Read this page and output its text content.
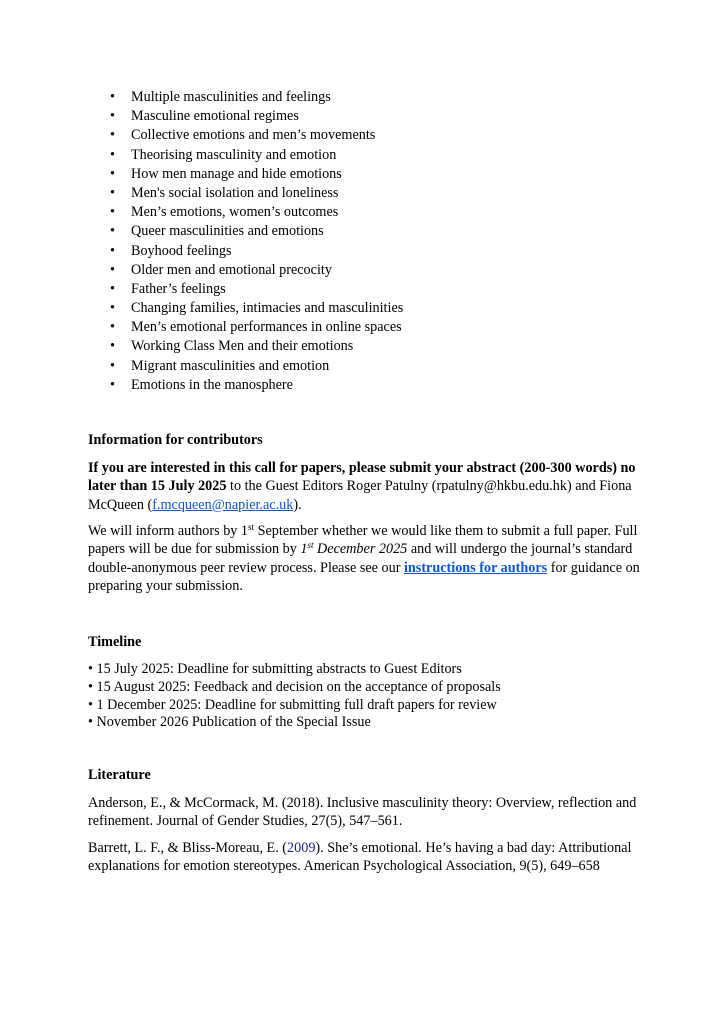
• Multiple masculinities and feelings
• Masculine emotional regimes
• Collective emotions and men’s movements
• Theorising masculinity and emotion
• How men manage and hide emotions
• Men's social isolation and loneliness
• Men’s emotions, women’s outcomes
• Queer masculinities and emotions
• Boyhood feelings
• Older men and emotional precocity
• Father’s feelings
• Changing families, intimacies and masculinities
• Men’s emotional performances in online spaces
• Working Class Men and their emotions
• Migrant masculinities and emotion
• Emotions in the manosphere
Information for contributors
If you are interested in this call for papers, please submit your abstract (200-300 words) no later than 15 July 2025 to the Guest Editors Roger Patulny (rpatulny@hkbu.edu.hk) and Fiona McQueen (f.mcqueen@napier.ac.uk).
We will inform authors by 1st September whether we would like them to submit a full paper. Full papers will be due for submission by 1st December 2025 and will undergo the journal’s standard double-anonymous peer review process. Please see our instructions for authors for guidance on preparing your submission.
Timeline
• 15 July 2025: Deadline for submitting abstracts to Guest Editors
• 15 August 2025: Feedback and decision on the acceptance of proposals
• 1 December 2025: Deadline for submitting full draft papers for review
• November 2026 Publication of the Special Issue
Literature
Anderson, E., & McCormack, M. (2018). Inclusive masculinity theory: Overview, reflection and refinement. Journal of Gender Studies, 27(5), 547–561.
Barrett, L. F., & Bliss-Moreau, E. (2009). She’s emotional. He’s having a bad day: Attributional explanations for emotion stereotypes. American Psychological Association, 9(5), 649–658
